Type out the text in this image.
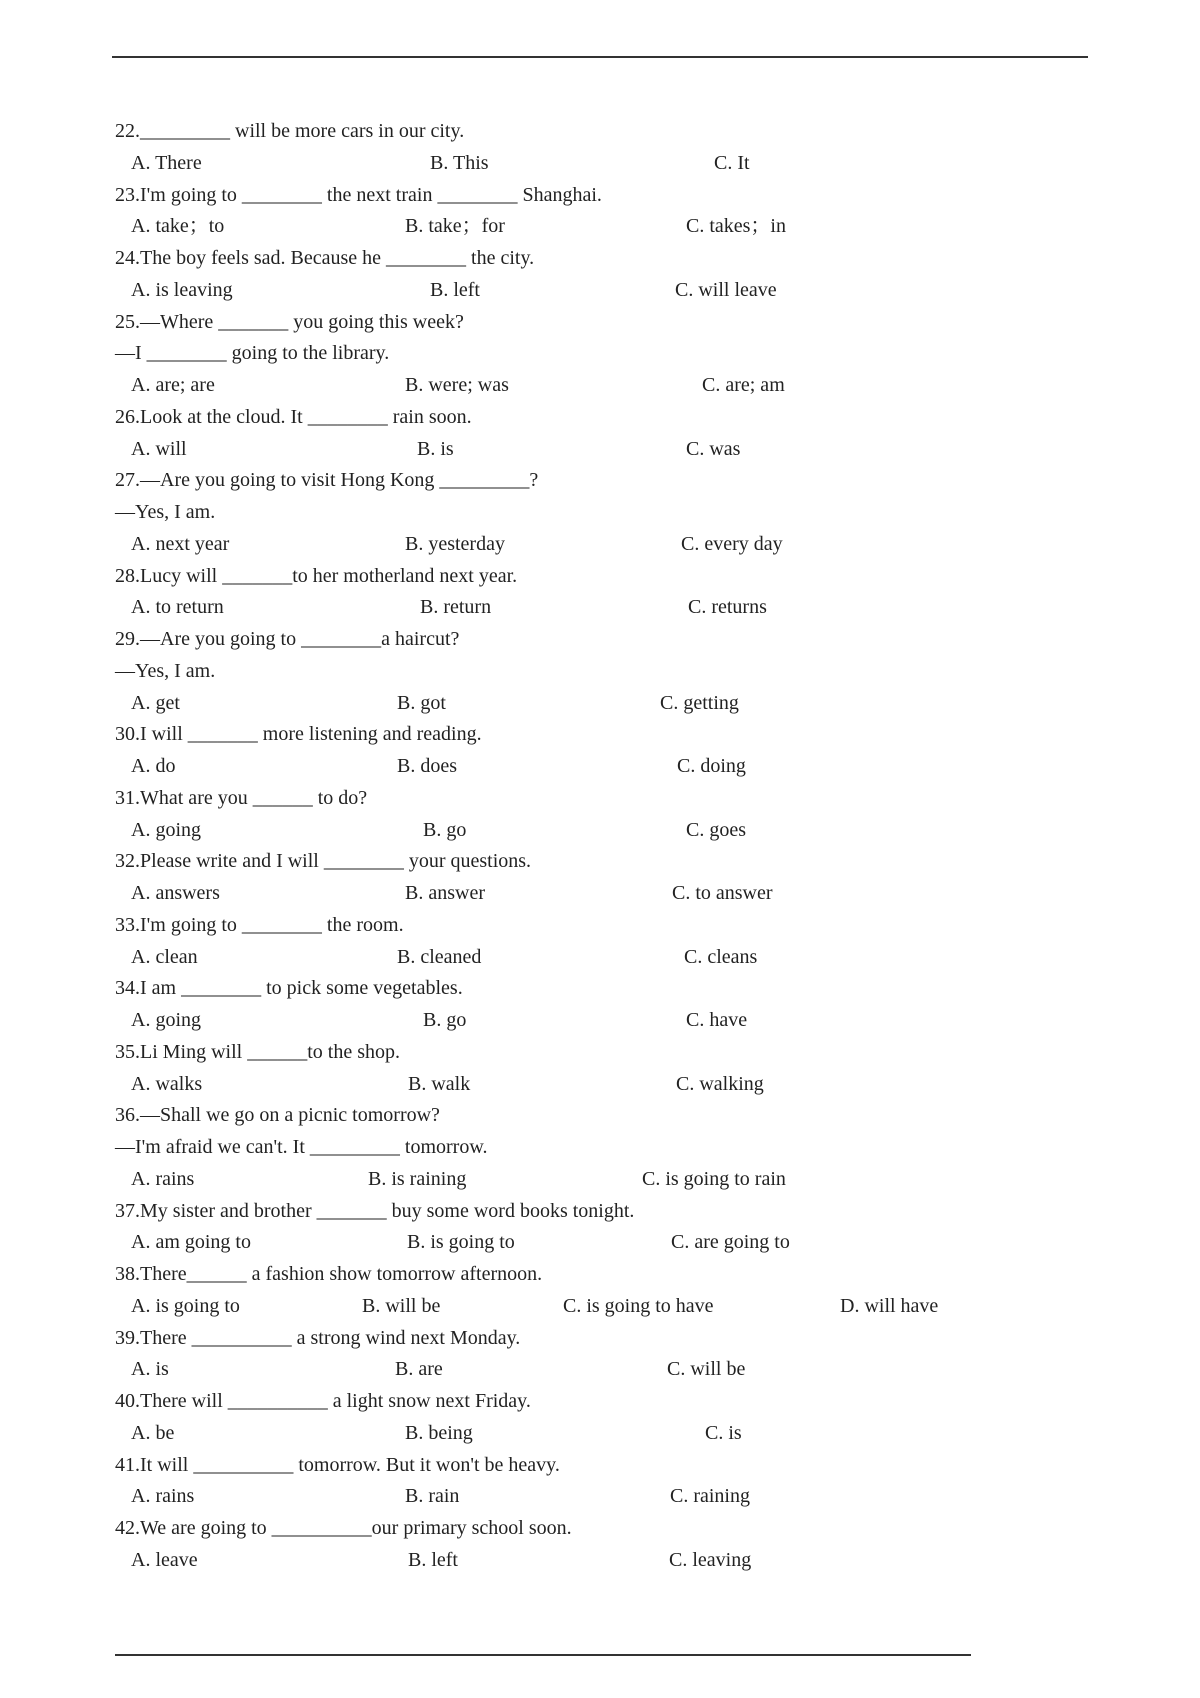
22._________ will be more cars in our city.
A. There	B. This	C. It
23.I'm going to ________ the next train ________ Shanghai.
A. take；to	B. take；for	C. takes；in
24.The boy feels sad. Because he ________ the city.
A. is leaving	B. left	C. will leave
25.—Where _______ you going this week?
—I ________ going to the library.
A. are; are	B. were; was	C. are; am
26.Look at the cloud. It ________ rain soon.
A. will	B. is	C. was
27.—Are you going to visit Hong Kong _________?
—Yes, I am.
A. next year	B. yesterday	C. every day
28.Lucy will _______to her motherland next year.
A. to return	B. return	C. returns
29.—Are you going to ________a haircut?
—Yes, I am.
A. get	B. got	C. getting
30.I will _______ more listening and reading.
A. do	B. does	C. doing
31.What are you ______ to do?
A. going	B. go	C. goes
32.Please write and I will ________ your questions.
A. answers	B. answer	C. to answer
33.I'm going to ________ the room.
A. clean	B. cleaned	C. cleans
34.I am ________ to pick some vegetables.
A. going	B. go	C. have
35.Li Ming will ______to the shop.
A. walks	B. walk	C. walking
36.—Shall we go on a picnic tomorrow?
—I'm afraid we can't. It _________ tomorrow.
A. rains	B. is raining	C. is going to rain
37.My sister and brother _______ buy some word books tonight.
A. am going to	B. is going to	C. are going to
38.There______ a fashion show tomorrow afternoon.
A. is going to	B. will be	C. is going to have	D. will have
39.There __________ a strong wind next Monday.
A. is	B. are	C. will be
40.There will __________ a light snow next Friday.
A. be	B. being	C. is
41.It will __________ tomorrow. But it won't be heavy.
A. rains	B. rain	C. raining
42.We are going to __________our primary school soon.
A. leave	B. left	C. leaving
